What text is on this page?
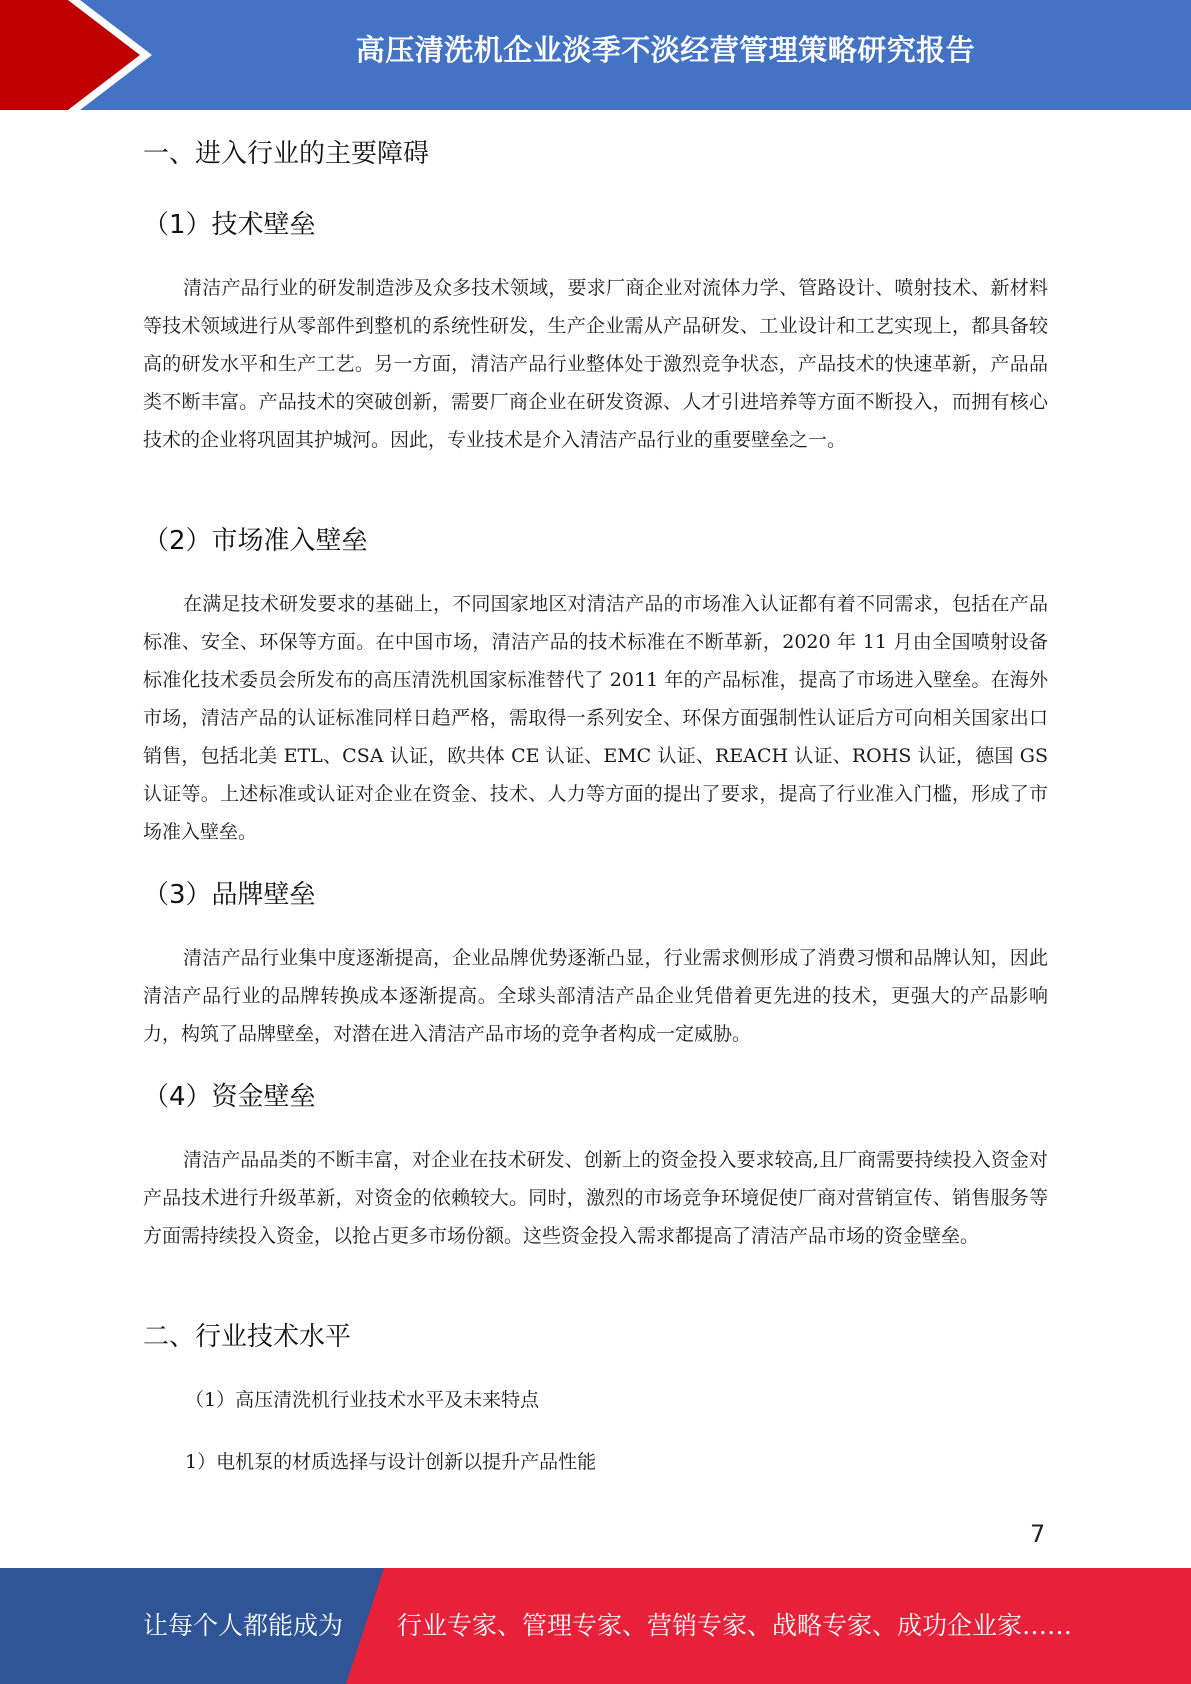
高压清洗机企业淡季不淡经营管理策略研究报告
一、进入行业的主要障碍
（1）技术壁垒
清洁产品行业的研发制造涉及众多技术领域，要求厂商企业对流体力学、管路设计、喷射技术、新材料等技术领域进行从零部件到整机的系统性研发，生产企业需从产品研发、工业设计和工艺实现上，都具备较高的研发水平和生产工艺。另一方面，清洁产品行业整体处于激烈竞争状态，产品技术的快速革新，产品品类不断丰富。产品技术的突破创新，需要厂商企业在研发资源、人才引进培养等方面不断投入，而拥有核心技术的企业将巩固其护城河。因此，专业技术是介入清洁产品行业的重要壁垒之一。
（2）市场准入壁垒
在满足技术研发要求的基础上，不同国家地区对清洁产品的市场准入认证都有着不同需求，包括在产品标准、安全、环保等方面。在中国市场，清洁产品的技术标准在不断革新，2020 年 11 月由全国喷射设备标准化技术委员会所发布的高压清洗机国家标准替代了 2011 年的产品标准，提高了市场进入壁垒。在海外市场，清洁产品的认证标准同样日趋严格，需取得一系列安全、环保方面强制性认证后方可向相关国家出口销售，包括北美 ETL、CSA 认证，欧共体 CE 认证、EMC 认证、REACH 认证、ROHS 认证，德国 GS 认证等。上述标准或认证对企业在资金、技术、人力等方面的提出了要求，提高了行业准入门槛，形成了市场准入壁垒。
（3）品牌壁垒
清洁产品行业集中度逐渐提高，企业品牌优势逐渐凸显，行业需求侧形成了消费习惯和品牌认知，因此清洁产品行业的品牌转换成本逐渐提高。全球头部清洁产品企业凭借着更先进的技术，更强大的产品影响力，构筑了品牌壁垒，对潜在进入清洁产品市场的竞争者构成一定威胁。
（4）资金壁垒
清洁产品品类的不断丰富，对企业在技术研发、创新上的资金投入要求较高,且厂商需要持续投入资金对产品技术进行升级革新，对资金的依赖较大。同时，激烈的市场竞争环境促使厂商对营销宣传、销售服务等方面需持续投入资金，以抢占更多市场份额。这些资金投入需求都提高了清洁产品市场的资金壁垒。
二、行业技术水平
（1）高压清洗机行业技术水平及未来特点
1）电机泵的材质选择与设计创新以提升产品性能
7
让每个人都能成为 行业专家、管理专家、营销专家、战略专家、成功企业家……
